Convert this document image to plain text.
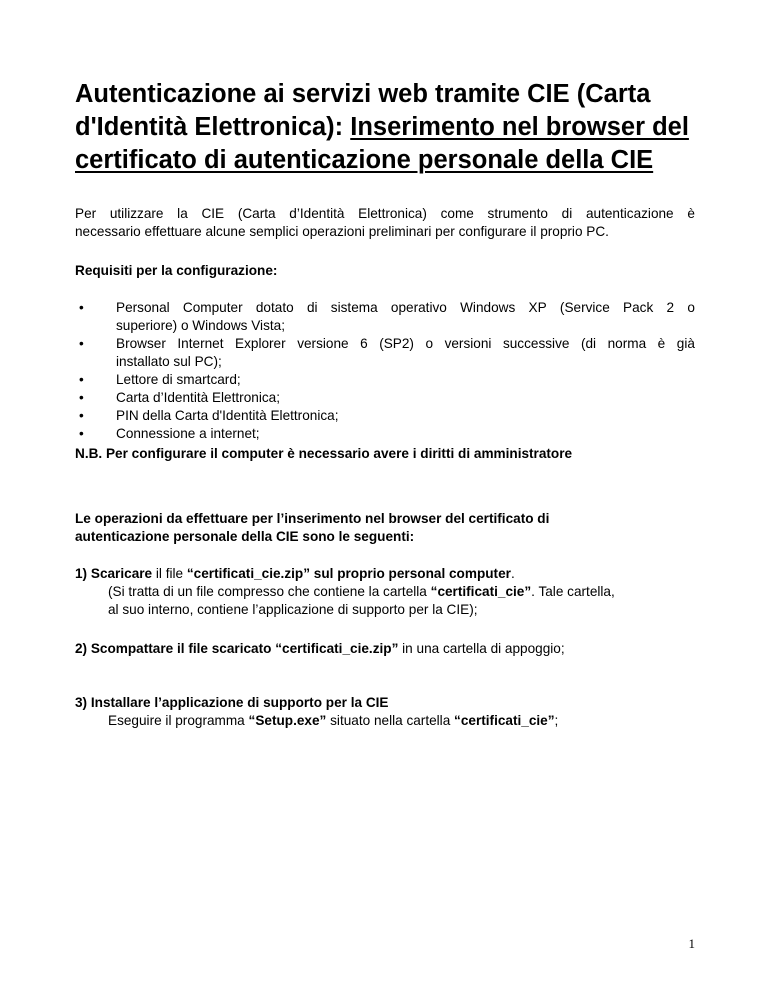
Autenticazione ai servizi web tramite CIE (Carta
d'Identità Elettronica): Inserimento nel browser del
certificato di autenticazione personale della CIE
Per utilizzare la CIE (Carta d’Identità Elettronica) come strumento di autenticazione è
necessario effettuare alcune semplici operazioni preliminari per configurare il proprio PC.
Requisiti per la configurazione:
• Personal Computer dotato di sistema operativo Windows XP (Service Pack 2 o
superiore) o Windows Vista;
• Browser Internet Explorer versione 6 (SP2) o versioni successive (di norma è già
installato sul PC);
• Lettore di smartcard;
• Carta d’Identità Elettronica;
• PIN della Carta d'Identità Elettronica;
• Connessione a internet;
N.B. Per configurare il computer è necessario avere i diritti di amministratore
Le operazioni da effettuare per l’inserimento nel browser del certificato di
autenticazione personale della CIE sono le seguenti:
1) Scaricare il file “certificati_cie.zip” sul proprio personal computer.
(Si tratta di un file compresso che contiene la cartella “certificati_cie”. Tale cartella,
al suo interno, contiene l’applicazione di supporto per la CIE);
2) Scompattare il file scaricato “certificati_cie.zip” in una cartella di appoggio;
3) Installare l’applicazione di supporto per la CIE
Eseguire il programma “Setup.exe” situato nella cartella “certificati_cie”;
1
